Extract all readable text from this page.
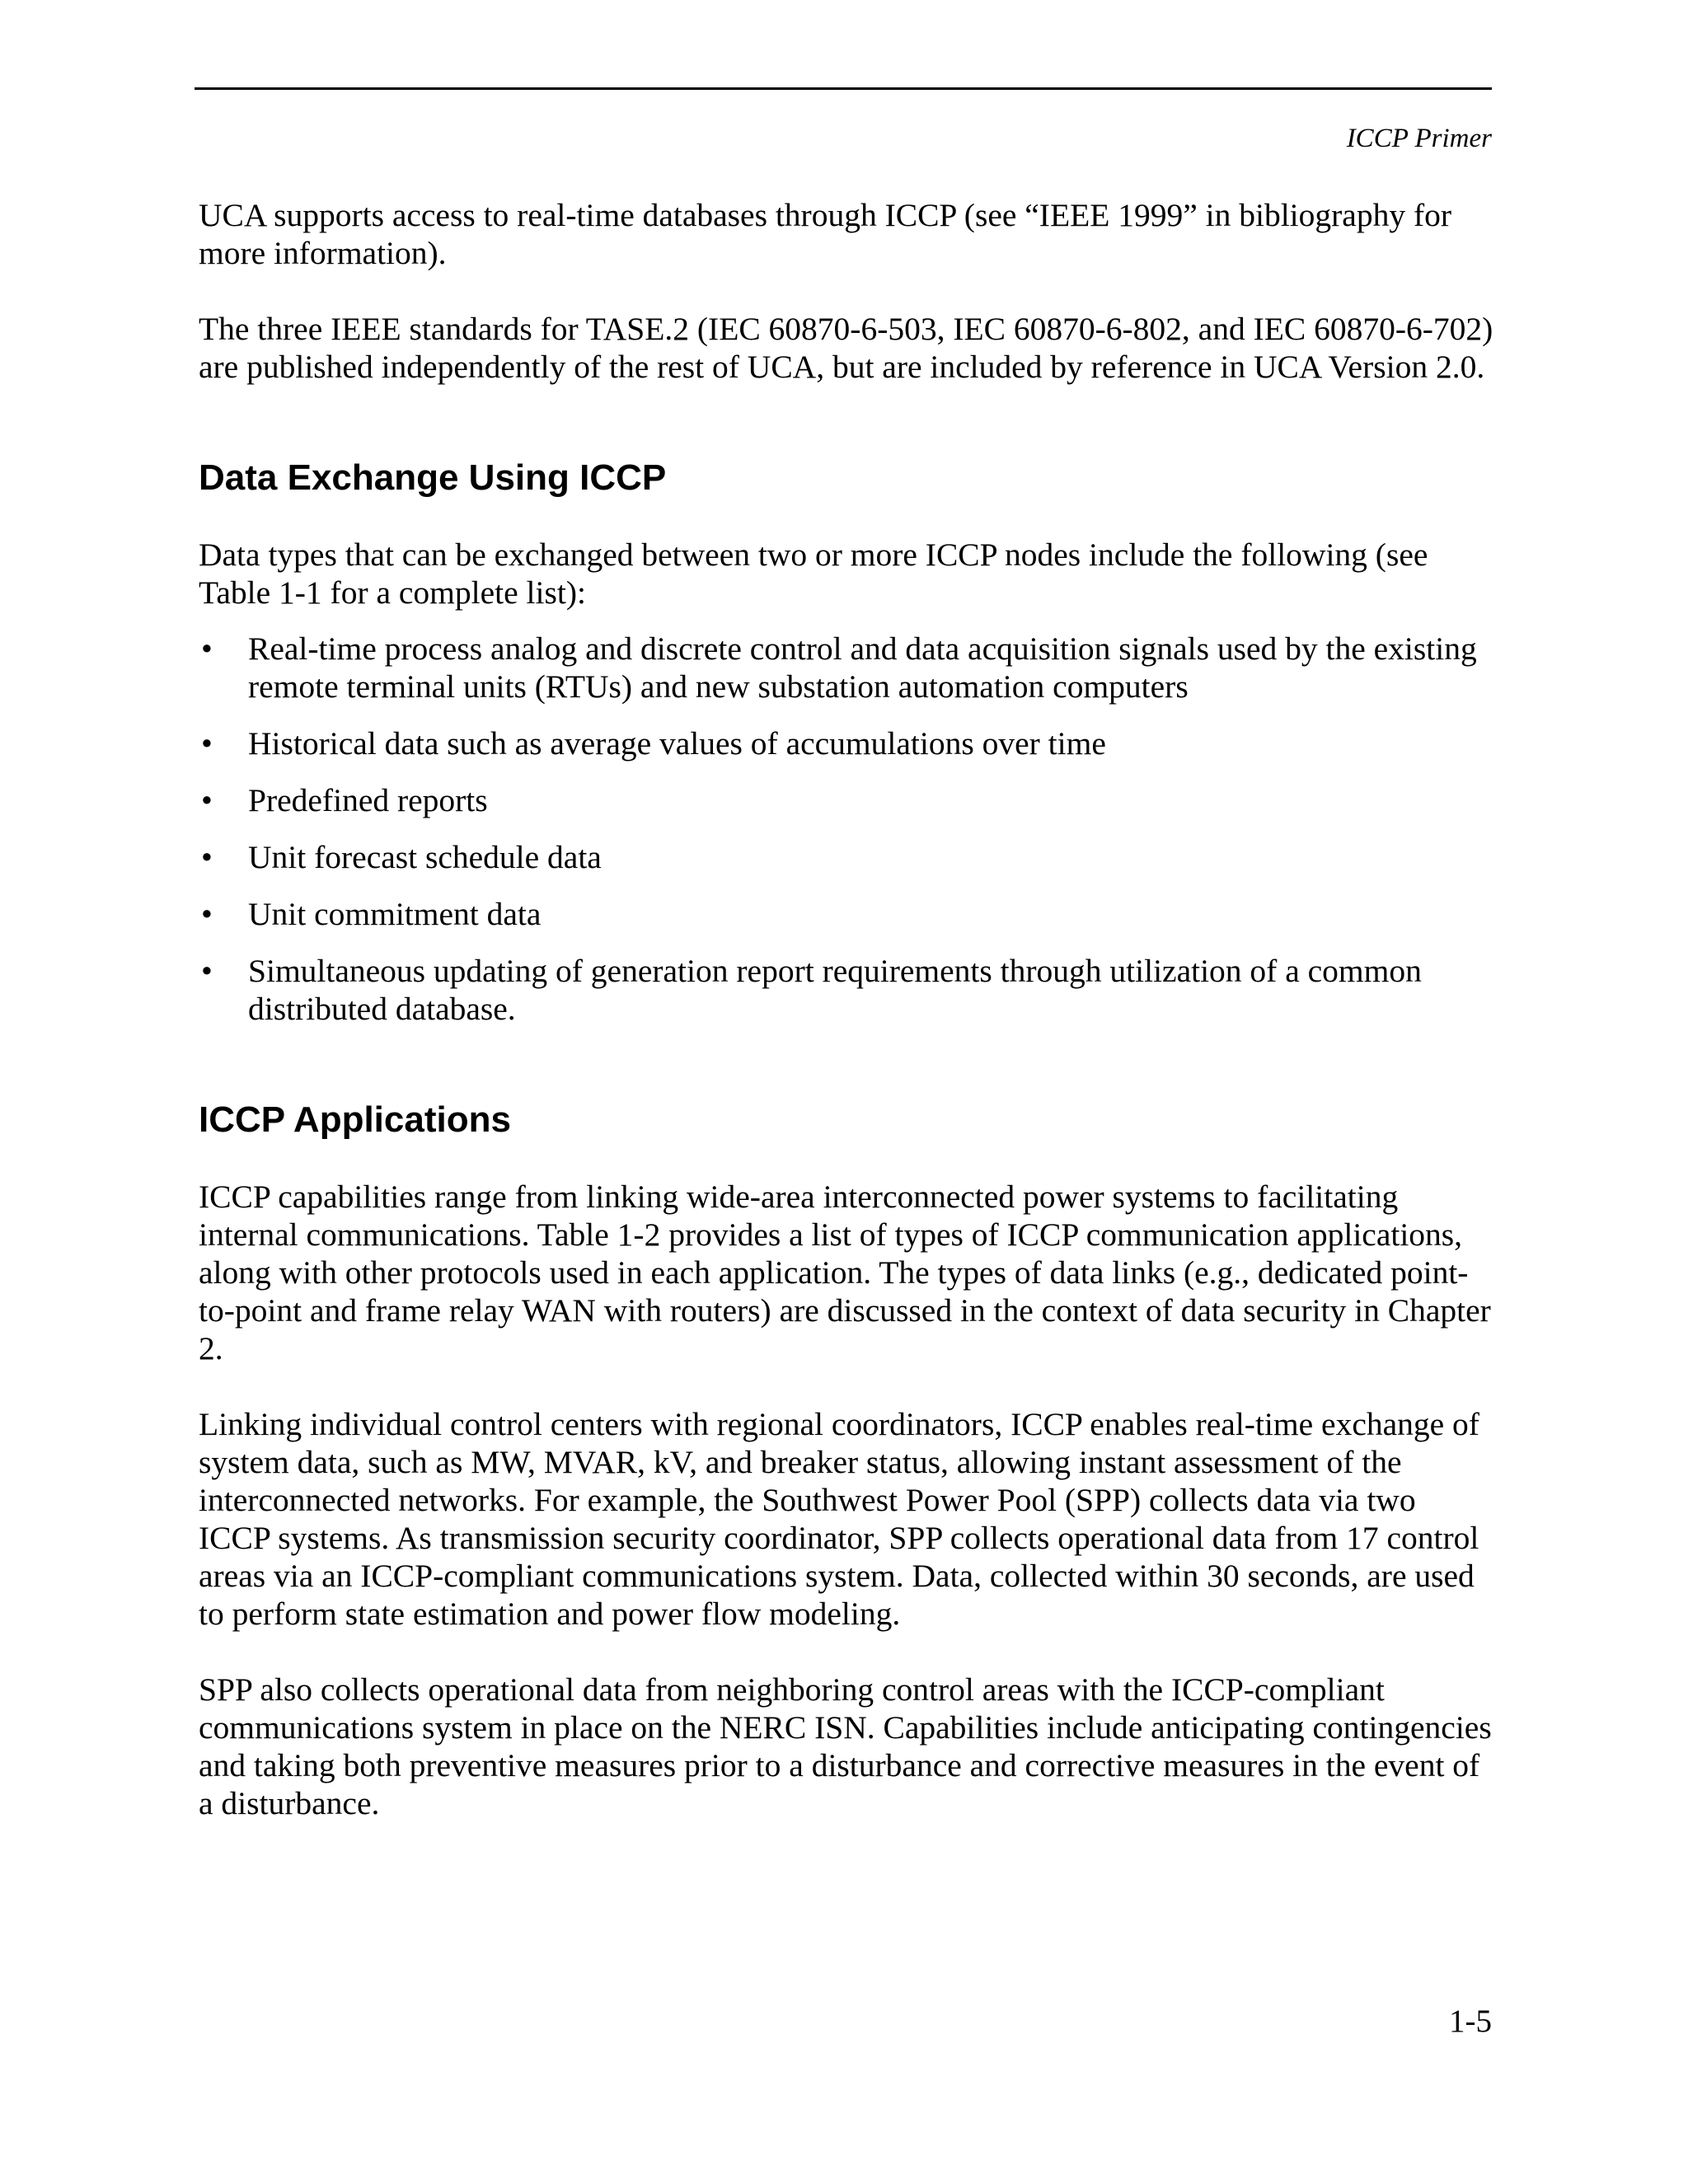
ICCP Primer

UCA supports access to real-time databases through ICCP (see “IEEE 1999” in bibliography for more information).

The three IEEE standards for TASE.2 (IEC 60870-6-503, IEC 60870-6-802, and IEC 60870-6-702) are published independently of the rest of UCA, but are included by reference in UCA Version 2.0.

Data Exchange Using ICCP

Data types that can be exchanged between two or more ICCP nodes include the following (see Table 1-1 for a complete list):

• Real-time process analog and discrete control and data acquisition signals used by the existing remote terminal units (RTUs) and new substation automation computers
• Historical data such as average values of accumulations over time
• Predefined reports
• Unit forecast schedule data
• Unit commitment data
• Simultaneous updating of generation report requirements through utilization of a common distributed database.
ICCP Applications

ICCP capabilities range from linking wide-area interconnected power systems to facilitating internal communications. Table 1-2 provides a list of types of ICCP communication applications, along with other protocols used in each application. The types of data links (e.g., dedicated point-to-point and frame relay WAN with routers) are discussed in the context of data security in Chapter 2.

Linking individual control centers with regional coordinators, ICCP enables real-time exchange of system data, such as MW, MVAR, kV, and breaker status, allowing instant assessment of the interconnected networks. For example, the Southwest Power Pool (SPP) collects data via two ICCP systems. As transmission security coordinator, SPP collects operational data from 17 control areas via an ICCP-compliant communications system. Data, collected within 30 seconds, are used to perform state estimation and power flow modeling.

SPP also collects operational data from neighboring control areas with the ICCP-compliant communications system in place on the NERC ISN. Capabilities include anticipating contingencies and taking both preventive measures prior to a disturbance and corrective measures in the event of a disturbance.

1-5
